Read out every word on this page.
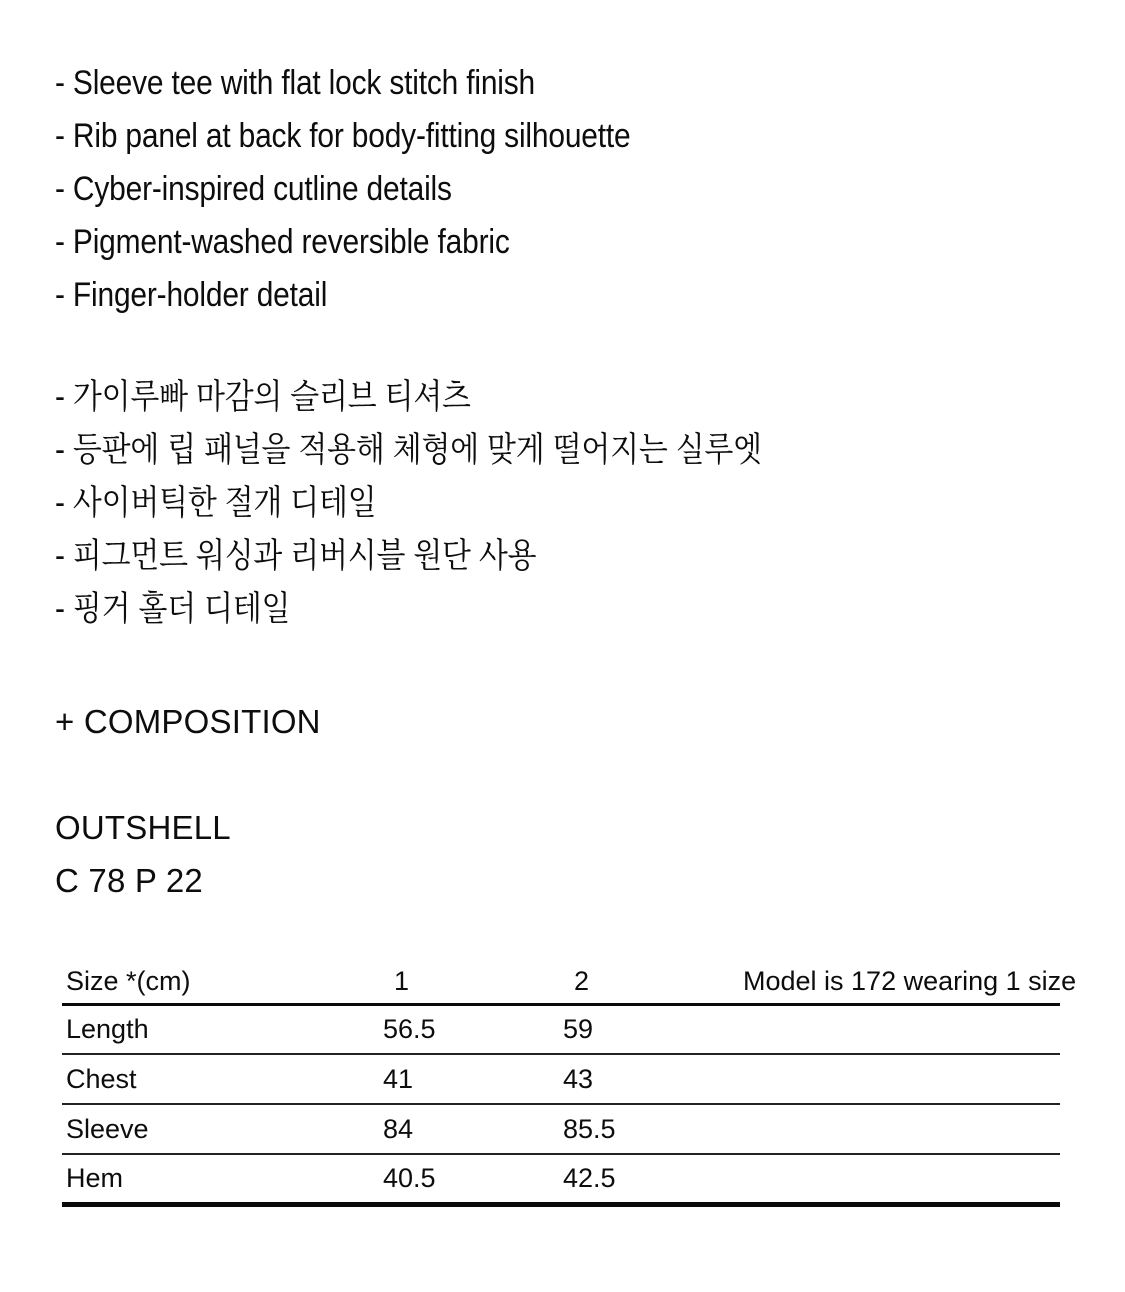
- Sleeve tee with flat lock stitch finish

- Rib panel at back for body-fitting silhouette

- Cyber-inspired cutline details

- Pigment-washed reversible fabric

- Finger-holder detail

- 가이루빠 마감의 슬리브 티셔츠

- 등판에 립 패널을 적용해 체형에 맞게 떨어지는 실루엣

- 사이버틱한 절개 디테일

- 피그먼트 워싱과 리버시블 원단 사용

- 핑거 홀더 디테일

+ COMPOSITION

OUTSHELL

C 78 P 22

Size *(cm)	1	2	Model is 172 wearing 1 size
Length	56.5	59	
Chest	41	43	
Sleeve	84	85.5	
Hem	40.5	42.5	
